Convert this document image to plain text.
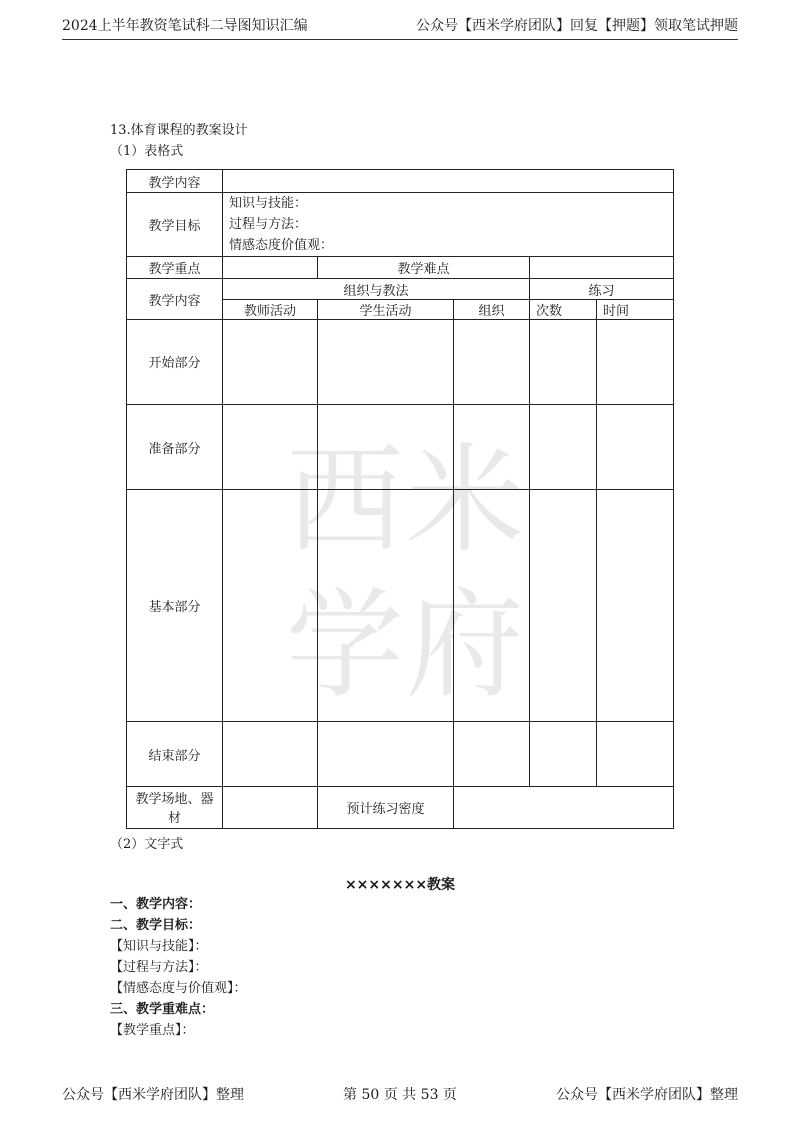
2024上半年教资笔试科二导图知识汇编	公众号【西米学府团队】回复【押题】领取笔试押题
西 米
学 府
13.体育课程的教案设计
（1）表格式
教学内容					
教学目标	知识与技能：
过程与方法：
情感态度价值观：				

教学重点		教学难点			
教学内容	组织与教法			练习	
	教师活动	学生活动	组织	次数	时间
开始部分					
准备部分					
基本部分					
结束部分					
教学场地、器材		预计练习密度			
（2）文字式
×××××××教案
一、教学内容：
二、教学目标：
【知识与技能】：
【过程与方法】：
【情感态度与价值观】：
三、教学重难点：
【教学重点】：
公众号【西米学府团队】整理	第 50 页 共 53 页	公众号【西米学府团队】整理
